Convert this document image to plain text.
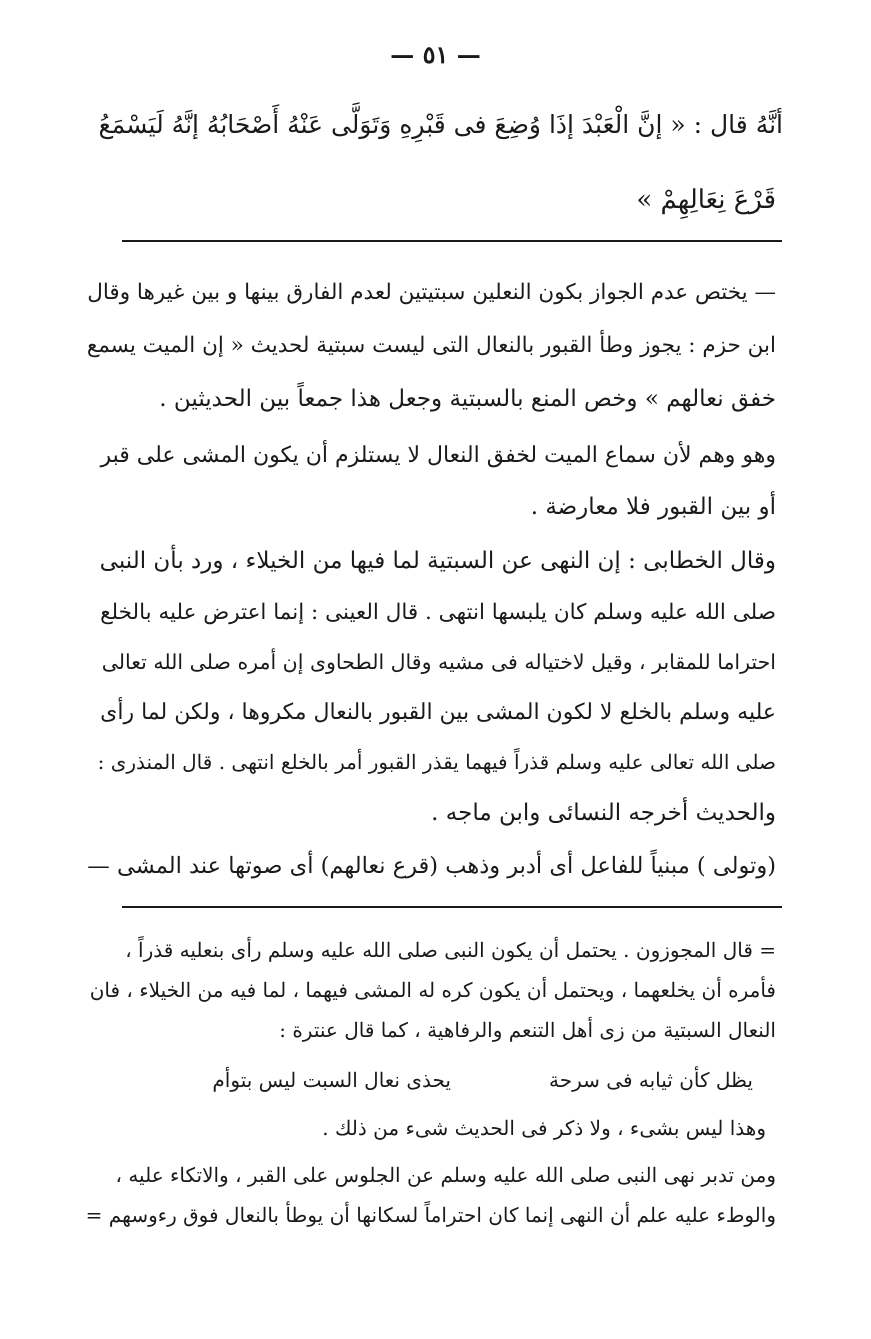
— ٥١ —
أنَّهُ قال : « إنَّ الْعَبْدَ إذَا وُضِعَ فى قَبْرِهِ وَتَوَلَّى عَنْهُ أَصْحَابُهُ إنَّهُ لَيَسْمَعُ
قَرْعَ نِعَالِهِمْ »
— يختص عدم الجواز بكون النعلين سبتيتين لعدم الفارق بينها و بين غيرها وقال
ابن حزم : يجوز وطأ القبور بالنعال التى ليست سبتية لحديث « إن الميت يسمع
خفق نعالهم » وخص المنع بالسبتية وجعل هذا جمعاً بين الحديثين .
وهو وهم لأن سماع الميت لخفق النعال لا يستلزم أن يكون المشى على قبر
أو بين القبور فلا معارضة .
وقال الخطابى : إن النهى عن السبتية لما فيها من الخيلاء ، ورد بأن النبى
صلى الله عليه وسلم كان يلبسها انتهى . قال العينى : إنما اعترض عليه بالخلع
احتراما للمقابر ، وقيل لاختياله فى مشيه وقال الطحاوى إن أمره صلى الله تعالى
عليه وسلم بالخلع لا لكون المشى بين القبور بالنعال مكروها ، ولكن لما رأى
صلى الله تعالى عليه وسلم قذراً فيهما يقذر القبور أمر بالخلع انتهى . قال المنذرى :
والحديث أخرجه النسائى وابن ماجه .
(وتولى ) مبنياً للفاعل أى أدبر وذهب (قرع نعالهم) أى صوتها عند المشى —
= قال المجوزون . يحتمل أن يكون النبى صلى الله عليه وسلم رأى بنعليه قذراً ،
فأمره أن يخلعهما ، ويحتمل أن يكون كره له المشى فيهما ، لما فيه من الخيلاء ، فان
النعال السبتية من زى أهل التنعم والرفاهية ، كما قال عنترة :
يظل كأن ثيابه فى سرحة
يحذى نعال السبت ليس بتوأم
وهذا ليس بشىء ، ولا ذكر فى الحديث شىء من ذلك .
ومن تدبر نهى النبى صلى الله عليه وسلم عن الجلوس على القبر ، والاتكاء عليه ،
والوطء عليه علم أن النهى إنما كان احتراماً لسكانها أن يوطأ بالنعال فوق رءوسهم =
